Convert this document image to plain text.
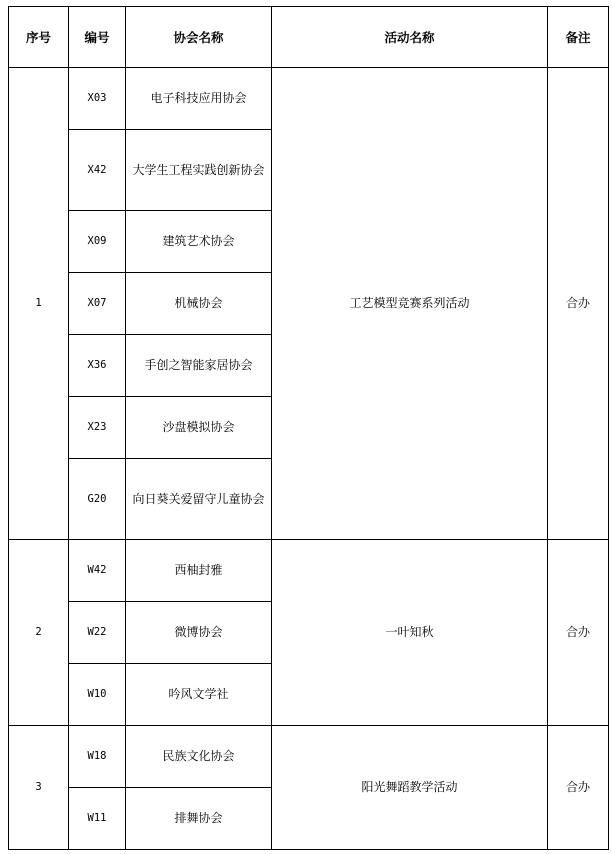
序号	编号	协会名称	活动名称	备注
1	X03	电子科技应用协会	工艺模型竞赛系列活动	合办
	X42	大学生工程实践创新协会		
	X09	建筑艺术协会		
	X07	机械协会		
	X36	手创之智能家居协会		
	X23	沙盘模拟协会		
	G20	向日葵关爱留守儿童协会		
2	W42	西柚封雅	一叶知秋	合办
	W22	微博协会		
	W10	吟风文学社		
3	W18	民族文化协会	阳光舞蹈教学活动	合办
	W11	排舞协会		
